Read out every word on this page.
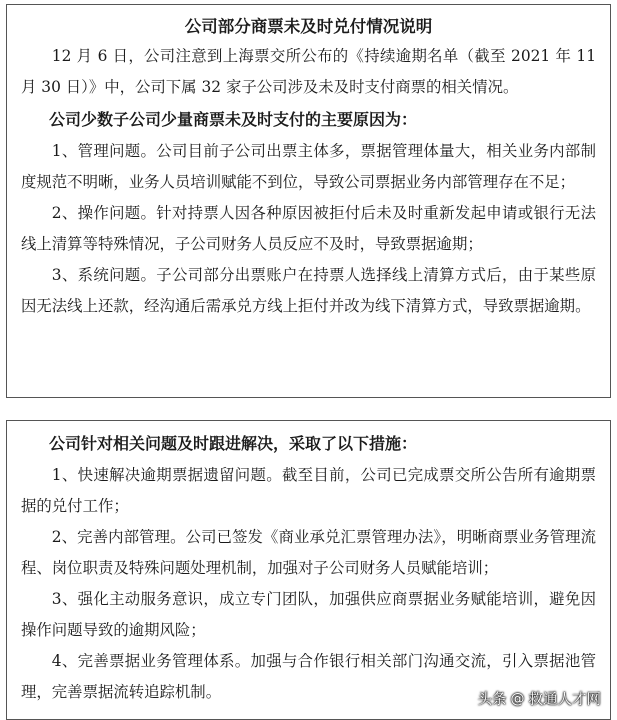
公司部分商票未及时兑付情况说明

12 月 6 日，公司注意到上海票交所公布的《持续逾期名单（截至 2021 年 11 月 30 日）》中，公司下属 32 家子公司涉及未及时支付商票的相关情况。

公司少数子公司少量商票未及时支付的主要原因为：

1、管理问题。公司目前子公司出票主体多，票据管理体量大，相关业务内部制度规范不明晰，业务人员培训赋能不到位，导致公司票据业务内部管理存在不足；

2、操作问题。针对持票人因各种原因被拒付后未及时重新发起申请或银行无法线上清算等特殊情况，子公司财务人员反应不及时，导致票据逾期；

3、系统问题。子公司部分出票账户在持票人选择线上清算方式后，由于某些原因无法线上还款，经沟通后需承兑方线上拒付并改为线下清算方式，导致票据逾期。

公司针对相关问题及时跟进解决，采取了以下措施：

1、快速解决逾期票据遗留问题。截至目前，公司已完成票交所公告所有逾期票据的兑付工作；

2、完善内部管理。公司已签发《商业承兑汇票管理办法》，明晰商票业务管理流程、岗位职责及特殊问题处理机制，加强对子公司财务人员赋能培训；

3、强化主动服务意识，成立专门团队，加强供应商票据业务赋能培训，避免因操作问题导致的逾期风险；

4、完善票据业务管理体系。加强与合作银行相关部门沟通交流，引入票据池管理，完善票据流转追踪机制。	头条 @ 救通人才网
